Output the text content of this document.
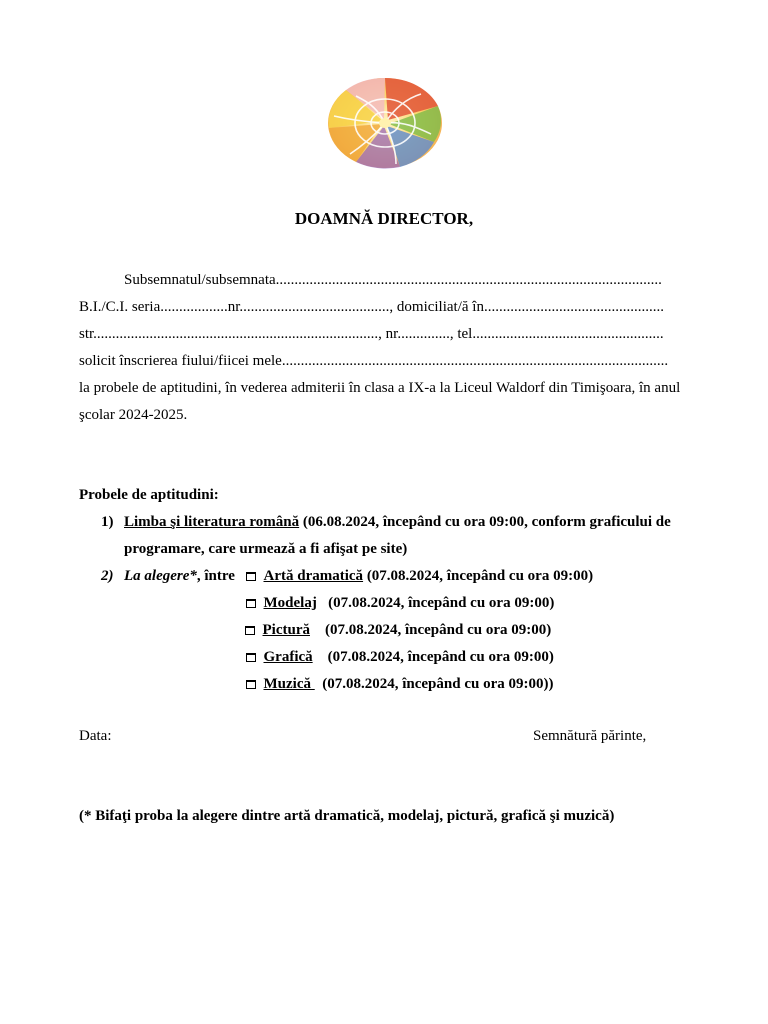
DOAMNĂ DIRECTOR,
Subsemnatul/subsemnata.......................................................................................................
B.I./C.I. seria..................nr........................................, domiciliat/ă în................................................
str............................................................................, nr.............., tel...................................................
solicit înscrierea fiului/fiicei mele.......................................................................................................
la probele de aptitudini, în vederea admiterii în clasa a IX-a la Liceul Waldorf din Timişoara, în anul
şcolar 2024-2025.
Probele de aptitudini:
1) Limba şi literatura română (06.08.2024, începând cu ora 09:00, conform graficului de
programare, care urmează a fi afişat pe site)
2) La alegere*, între	Artă dramatică (07.08.2024, începând cu ora 09:00)
Modelaj   (07.08.2024, începând cu ora 09:00)
Pictură    (07.08.2024, începând cu ora 09:00)
Grafică    (07.08.2024, începând cu ora 09:00)
Muzică   (07.08.2024, începând cu ora 09:00))
Data:	Semnătură părinte,
(* Bifaţi proba la alegere dintre artă dramatică, modelaj, pictură, grafică şi muzică)
